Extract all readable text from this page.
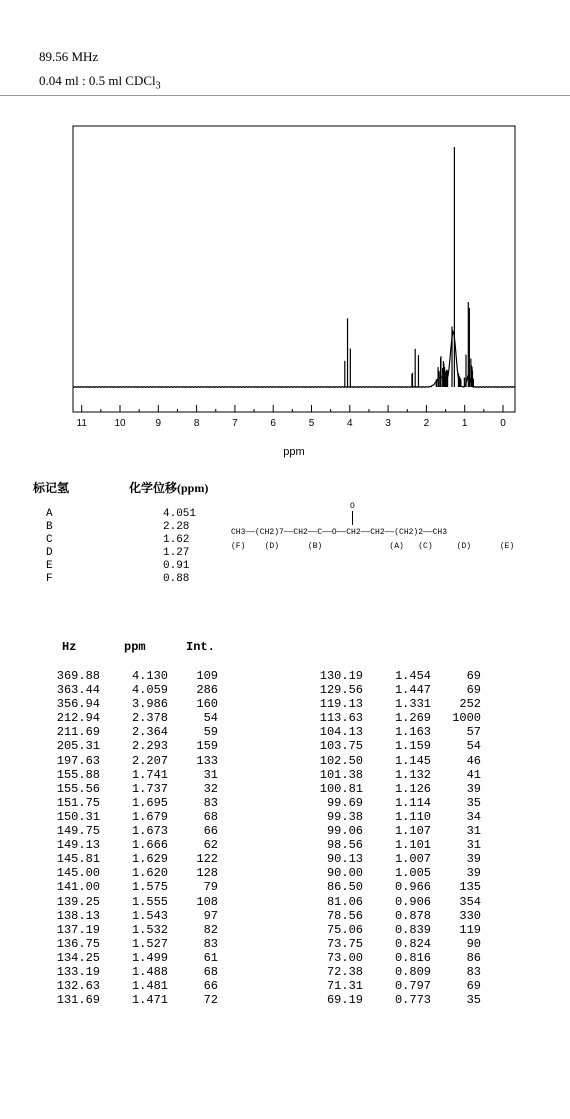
89.56 MHz
0.04 ml : 0.5 ml CDCl$_3$
11	10	9	8	7	6	5	4	3	2	1	0
ppm
标记氢	化学位移(ppm)
A	4.051
B	2.28
C	1.62
D	1.27
E	0.91
F	0.88
O
CH3——(CH2)7——CH2——C——O——CH2——CH2——(CH2)2——CH3
(F)    (D)      (B)              (A)   (C)     (D)      (E)
Hz	ppm	Int.
369.88	4.130 109
363.44	4.059 286
356.94	3.986 160
212.94	2.378	54
211.69	2.364	59
205.31	2.293 159
197.63	2.207 133
155.88	1.741	31
155.56	1.737	32
151.75	1.695	83
150.31	1.679	68
149.75	1.673	66
149.13	1.666	62
145.81	1.629 122
145.00	1.620 128
141.00	1.575	79
139.25	1.555 108
138.13	1.543	97
137.19	1.532	82
136.75	1.527	83
134.25	1.499	61
133.19	1.488	68
132.63	1.481	66
131.69	1.471	72
130.19	1.454	69
129.56	1.447	69
119.13	1.331 252
113.63	1.269 1000
104.13	1.163	57
103.75	1.159	54
102.50	1.145	46
101.38	1.132	41
100.81	1.126	39
99.69	1.114	35
99.38	1.110	34
99.06	1.107	31
98.56	1.101	31
90.13	1.007	39
90.00	1.005	39
86.50	0.966 135
81.06	0.906 354
78.56	0.878 330
75.06	0.839 119
73.75	0.824	90
73.00	0.816	86
72.38	0.809	83
71.31	0.797	69
69.19	0.773	35
